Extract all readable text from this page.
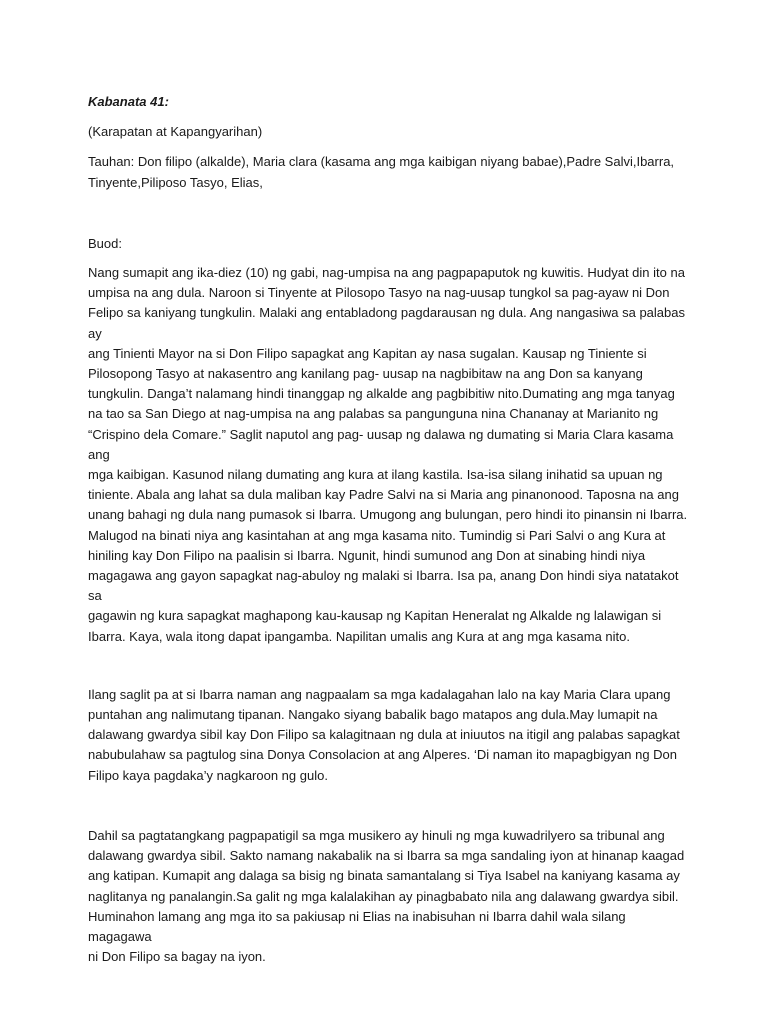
Kabanata 41:

(Karapatan at Kapangyarihan)

Tauhan: Don filipo (alkalde), Maria clara (kasama ang mga kaibigan niyang babae),Padre Salvi,Ibarra,
Tinyente,Piliposo Tasyo, Elias,

Buod:

Nang sumapit ang ika-diez (10) ng gabi, nag-umpisa na ang pagpapaputok ng kuwitis. Hudyat din ito na
umpisa na ang dula. Naroon si Tinyente at Pilosopo Tasyo na nag-uusap tungkol sa pag-ayaw ni Don
Felipo sa kaniyang tungkulin. Malaki ang entabladong pagdarausan ng dula. Ang nangasiwa sa palabas ay
ang Tinienti Mayor na si Don Filipo sapagkat ang Kapitan ay nasa sugalan. Kausap ng Tiniente si
Pilosopong Tasyo at nakasentro ang kanilang pag- uusap na nagbibitaw na ang Don sa kanyang
tungkulin. Danga’t nalamang hindi tinanggap ng alkalde ang pagbibitiw nito.Dumating ang mga tanyag
na tao sa San Diego at nag-umpisa na ang palabas sa pangunguna nina Chananay at Marianito ng
“Crispino dela Comare.” Saglit naputol ang pag- uusap ng dalawa ng dumating si Maria Clara kasama ang
mga kaibigan. Kasunod nilang dumating ang kura at ilang kastila. Isa-isa silang inihatid sa upuan ng
tiniente. Abala ang lahat sa dula maliban kay Padre Salvi na si Maria ang pinanonood. Taposna na ang
unang bahagi ng dula nang pumasok si Ibarra. Umugong ang bulungan, pero hindi ito pinansin ni Ibarra.
Malugod na binati niya ang kasintahan at ang mga kasama nito. Tumindig si Pari Salvi o ang Kura at
hiniling kay Don Filipo na paalisin si Ibarra. Ngunit, hindi sumunod ang Don at sinabing hindi niya
magagawa ang gayon sapagkat nag-abuloy ng malaki si Ibarra. Isa pa, anang Don hindi siya natatakot sa
gagawin ng kura sapagkat maghapong kau-kausap ng Kapitan Heneralat ng Alkalde ng lalawigan si
Ibarra. Kaya, wala itong dapat ipangamba. Napilitan umalis ang Kura at ang mga kasama nito.

Ilang saglit pa at si Ibarra naman ang nagpaalam sa mga kadalagahan lalo na kay Maria Clara upang
puntahan ang nalimutang tipanan. Nangako siyang babalik bago matapos ang dula.May lumapit na
dalawang gwardya sibil kay Don Filipo sa kalagitnaan ng dula at iniuutos na itigil ang palabas sapagkat
nabubulahaw sa pagtulog sina Donya Consolacion at ang Alperes. ‘Di naman ito mapagbigyan ng Don
Filipo kaya pagdaka’y nagkaroon ng gulo.

Dahil sa pagtatangkang pagpapatigil sa mga musikero ay hinuli ng mga kuwadrilyero sa tribunal ang
dalawang gwardya sibil. Sakto namang nakabalik na si Ibarra sa mga sandaling iyon at hinanap kaagad
ang katipan. Kumapit ang dalaga sa bisig ng binata samantalang si Tiya Isabel na kaniyang kasama ay
naglitanya ng panalangin.Sa galit ng mga kalalakihan ay pinagbabato nila ang dalawang gwardya sibil.
Huminahon lamang ang mga ito sa pakiusap ni Elias na inabisuhan ni Ibarra dahil wala silang magagawa
ni Don Filipo sa bagay na iyon.
